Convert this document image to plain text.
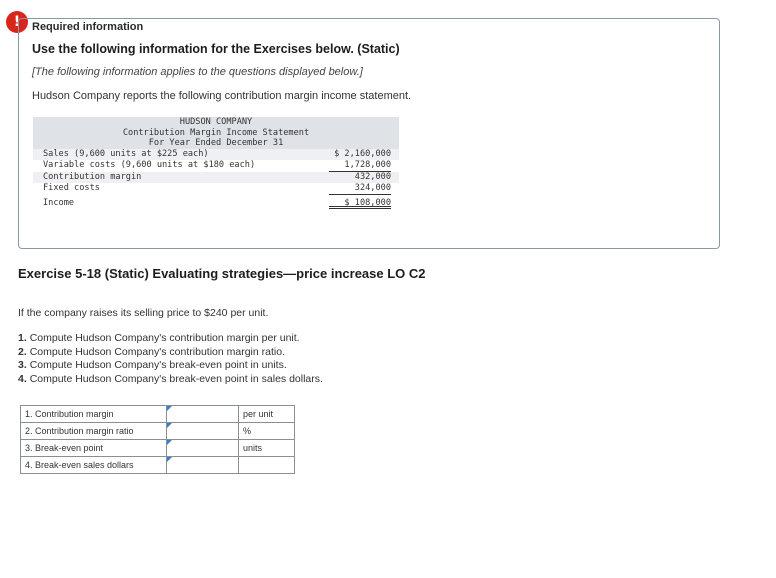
!	Required information
Use the following information for the Exercises below. (Static)
[The following information applies to the questions displayed below.]
Hudson Company reports the following contribution margin income statement.
HUDSON COMPANY
Contribution Margin Income Statement
For Year Ended December 31
Sales (9,600 units at $225 each)	$ 2,160,000
Variable costs (9,600 units at $180 each)	1,728,000
Contribution margin	432,000
Fixed costs	324,000
Income	$ 108,000
Exercise 5-18 (Static) Evaluating strategies—price increase LO C2
If the company raises its selling price to $240 per unit.
1. Compute Hudson Company's contribution margin per unit.
2. Compute Hudson Company's contribution margin ratio.
3. Compute Hudson Company's break-even point in units.
4. Compute Hudson Company's break-even point in sales dollars.
1. Contribution margin		per unit
2. Contribution margin ratio		%
3. Break-even point		units
4. Break-even sales dollars	
